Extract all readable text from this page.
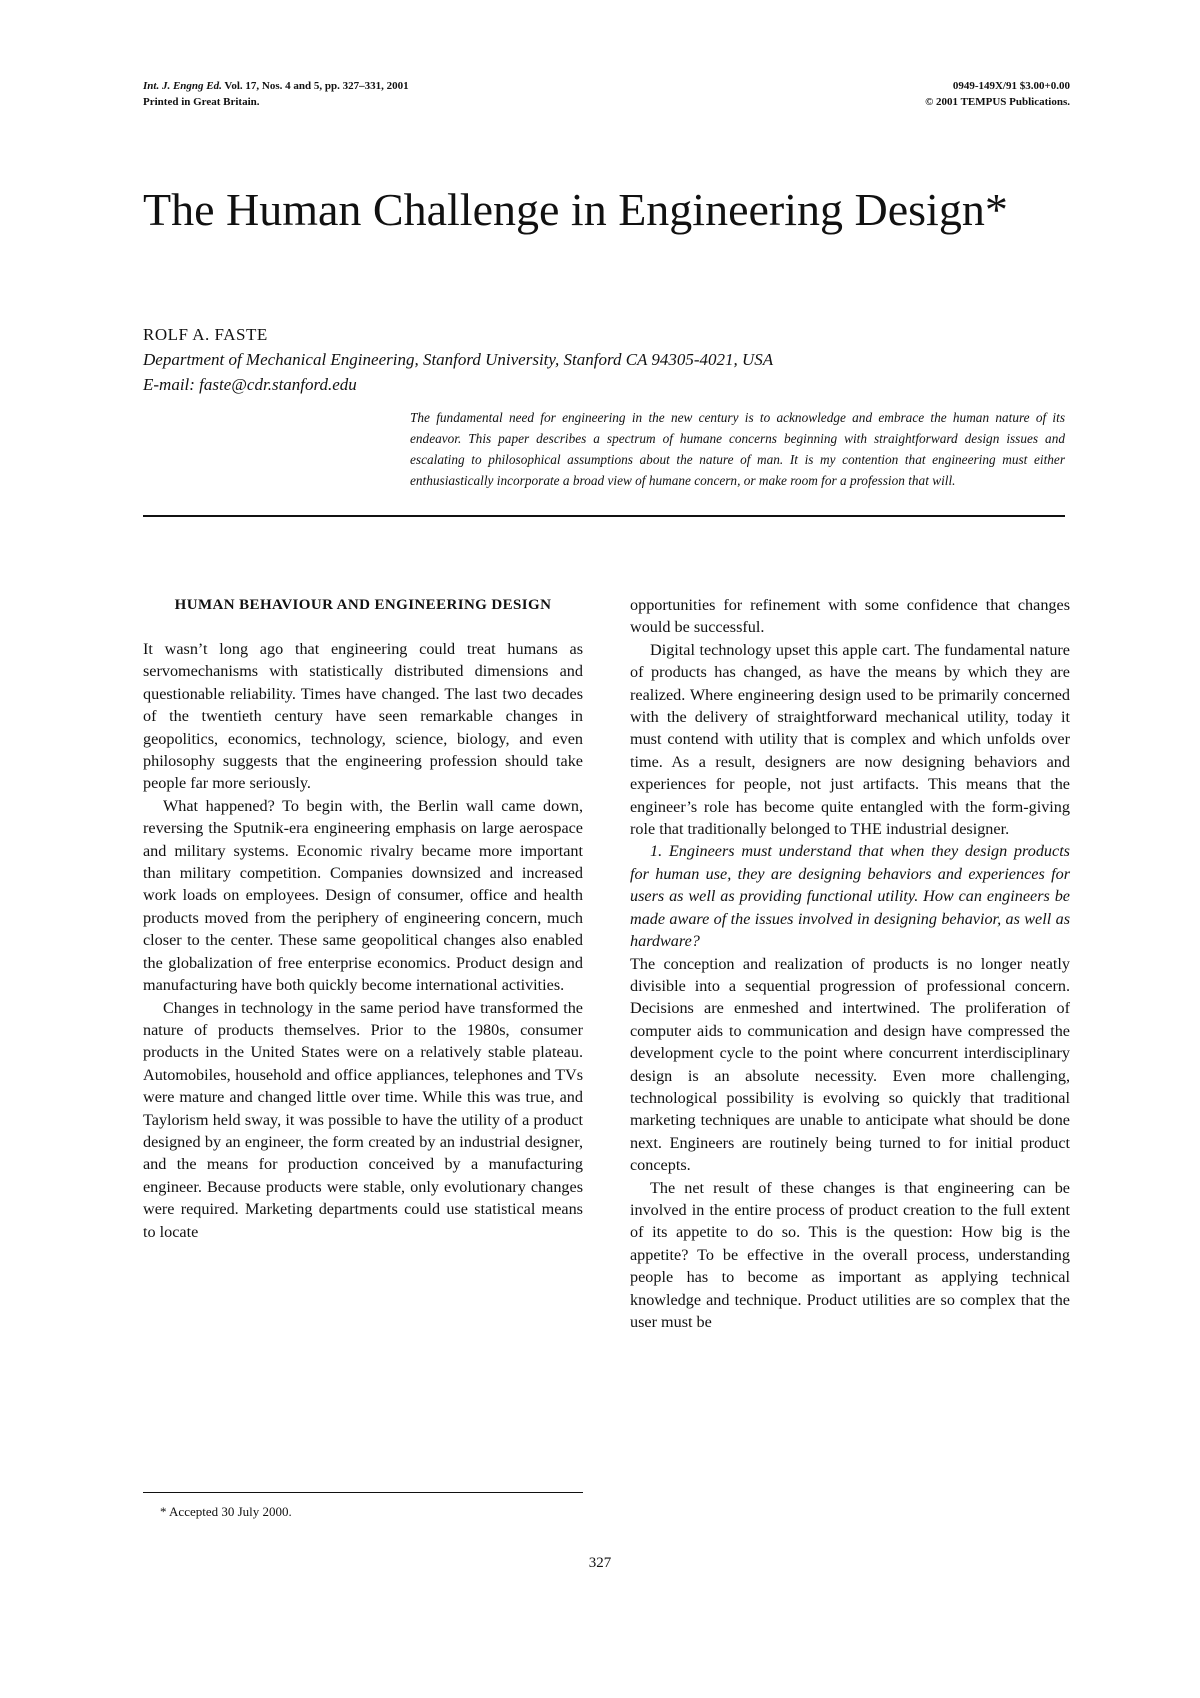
Int. J. Engng Ed. Vol. 17, Nos. 4 and 5, pp. 327–331, 2001
Printed in Great Britain.
0949-149X/91 $3.00+0.00
© 2001 TEMPUS Publications.
The Human Challenge in Engineering Design*
ROLF A. FASTE
Department of Mechanical Engineering, Stanford University, Stanford CA 94305-4021, USA
E-mail: faste@cdr.stanford.edu
The fundamental need for engineering in the new century is to acknowledge and embrace the human nature of its endeavor. This paper describes a spectrum of humane concerns beginning with straightforward design issues and escalating to philosophical assumptions about the nature of man. It is my contention that engineering must either enthusiastically incorporate a broad view of humane concern, or make room for a profession that will.
HUMAN BEHAVIOUR AND ENGINEERING DESIGN

It wasn’t long ago that engineering could treat humans as servomechanisms with statistically distributed dimensions and questionable reliability. Times have changed. The last two decades of the twentieth century have seen remarkable changes in geopolitics, economics, technology, science, biology, and even philosophy suggests that the engineering profession should take people far more seriously.

What happened? To begin with, the Berlin wall came down, reversing the Sputnik-era engineering emphasis on large aerospace and military systems. Economic rivalry became more important than military competition. Companies downsized and increased work loads on employees. Design of consumer, office and health products moved from the periphery of engineering concern, much closer to the center. These same geopolitical changes also enabled the globalization of free enterprise economics. Product design and manufacturing have both quickly become international activities.

Changes in technology in the same period have transformed the nature of products themselves. Prior to the 1980s, consumer products in the United States were on a relatively stable plateau. Automobiles, household and office appliances, telephones and TVs were mature and changed little over time. While this was true, and Taylorism held sway, it was possible to have the utility of a product designed by an engineer, the form created by an industrial designer, and the means for production conceived by a manufacturing engineer. Because products were stable, only evolutionary changes were required. Marketing departments could use statistical means to locate

opportunities for refinement with some confidence that changes would be successful.

Digital technology upset this apple cart. The fundamental nature of products has changed, as have the means by which they are realized. Where engineering design used to be primarily concerned with the delivery of straightforward mechanical utility, today it must contend with utility that is complex and which unfolds over time. As a result, designers are now designing behaviors and experiences for people, not just artifacts. This means that the engineer’s role has become quite entangled with the form-giving role that traditionally belonged to THE industrial designer.

1. Engineers must understand that when they design products for human use, they are designing behaviors and experiences for users as well as providing functional utility. How can engineers be made aware of the issues involved in designing behavior, as well as hardware?

The conception and realization of products is no longer neatly divisible into a sequential progression of professional concern. Decisions are enmeshed and intertwined. The proliferation of computer aids to communication and design have compressed the development cycle to the point where concurrent interdisciplinary design is an absolute necessity. Even more challenging, technological possibility is evolving so quickly that traditional marketing techniques are unable to anticipate what should be done next. Engineers are routinely being turned to for initial product concepts.

The net result of these changes is that engineering can be involved in the entire process of product creation to the full extent of its appetite to do so. This is the question: How big is the appetite? To be effective in the overall process, understanding people has to become as important as applying technical knowledge and technique. Product utilities are so complex that the user must be

* Accepted 30 July 2000.
327
